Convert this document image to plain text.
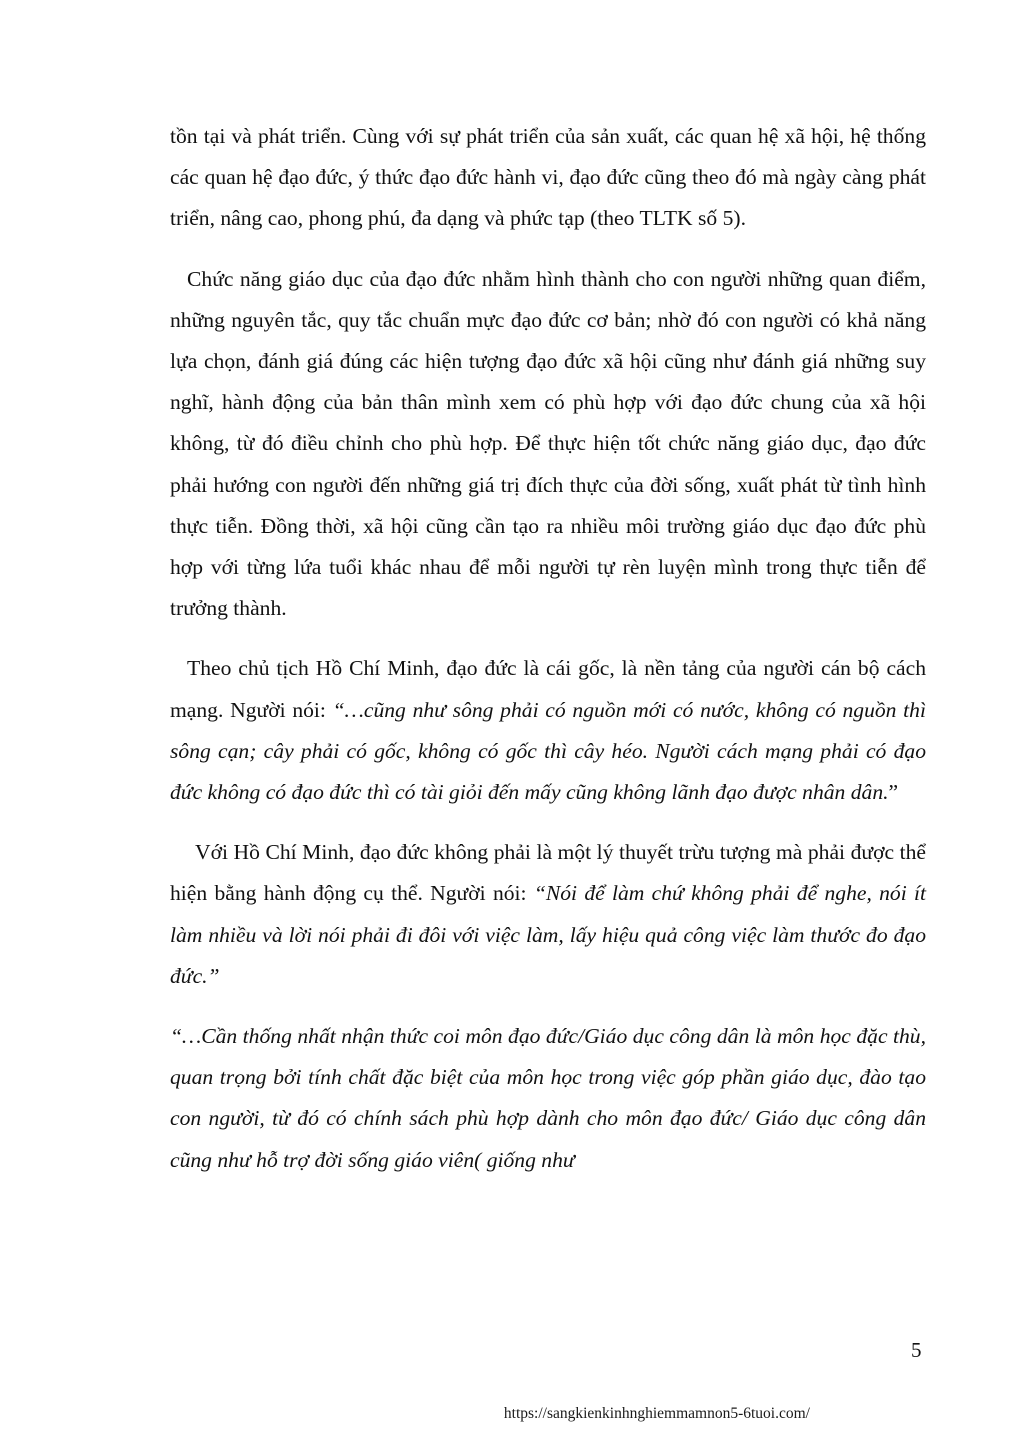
tồn tại và phát triển. Cùng với sự phát triển của sản xuất, các quan hệ xã hội, hệ thống các quan hệ đạo đức, ý thức đạo đức hành vi, đạo đức cũng theo đó mà ngày càng phát triển, nâng cao, phong phú, đa dạng và phức tạp (theo TLTK số 5).

Chức năng giáo dục của đạo đức nhằm hình thành cho con người những quan điểm, những nguyên tắc, quy tắc chuẩn mực đạo đức cơ bản; nhờ đó con người có khả năng lựa chọn, đánh giá đúng các hiện tượng đạo đức xã hội cũng như đánh giá những suy nghĩ, hành động của bản thân mình xem có phù hợp với đạo đức chung của xã hội không, từ đó điều chỉnh cho phù hợp. Để thực hiện tốt chức năng giáo dục, đạo đức phải hướng con người đến những giá trị đích thực của đời sống, xuất phát từ tình hình thực tiễn. Đồng thời, xã hội cũng cần tạo ra nhiều môi trường giáo dục đạo đức phù hợp với từng lứa tuổi khác nhau để mỗi người tự rèn luyện mình trong thực tiễn để trưởng thành.

Theo chủ tịch Hồ Chí Minh, đạo đức là cái gốc, là nền tảng của người cán bộ cách mạng. Người nói: “…cũng như sông phải có nguồn mới có nước, không có nguồn thì sông cạn; cây phải có gốc, không có gốc thì cây héo. Người cách mạng phải có đạo đức không có đạo đức thì có tài giỏi đến mấy cũng không lãnh đạo được nhân dân.”

Với Hồ Chí Minh, đạo đức không phải là một lý thuyết trừu tượng mà phải được thể hiện bằng hành động cụ thể. Người nói: “Nói để làm chứ không phải để nghe, nói ít làm nhiều và lời nói phải đi đôi với việc làm, lấy hiệu quả công việc làm thước đo đạo đức.”

“…Cần thống nhất nhận thức coi môn đạo đức/Giáo dục công dân là môn học đặc thù, quan trọng bởi tính chất đặc biệt của môn học trong việc góp phần giáo dục, đào tạo con người, từ đó có chính sách phù hợp dành cho môn đạo đức/ Giáo dục công dân cũng như hỗ trợ đời sống giáo viên( giống như

5
https://sangkienkinhnghiemmamnon5-6tuoi.com/
